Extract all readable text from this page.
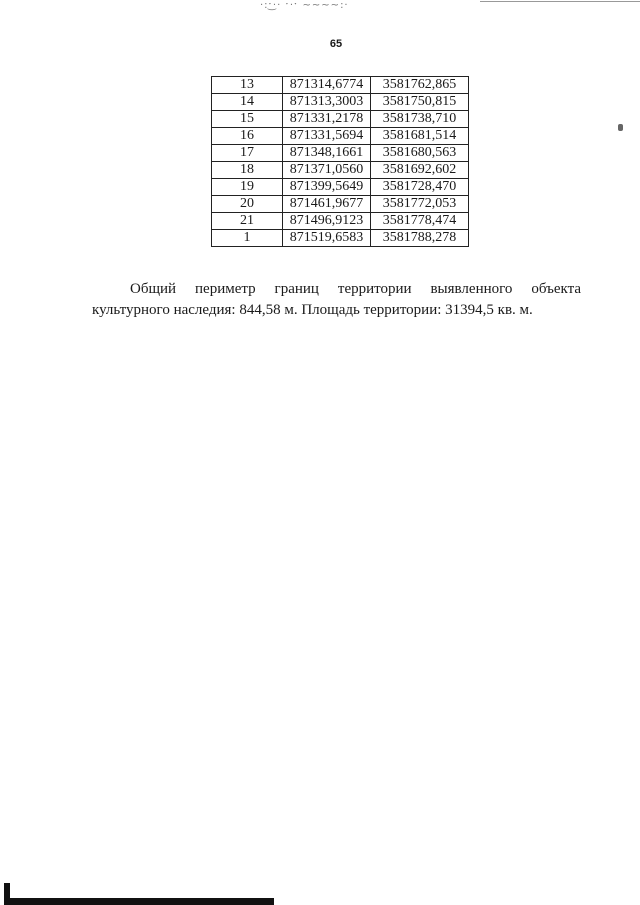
·:ˑ͜·· ˑ·ˑ ~~~~:·
65
13	871314,6774	3581762,865
14	871313,3003	3581750,815
15	871331,2178	3581738,710
16	871331,5694	3581681,514
17	871348,1661	3581680,563
18	871371,0560	3581692,602
19	871399,5649	3581728,470
20	871461,9677	3581772,053
21	871496,9123	3581778,474
1	871519,6583	3581788,278

Общий периметр границ территории выявленного объекта культурного наследия: 844,58 м. Площадь территории: 31394,5 кв. м.
